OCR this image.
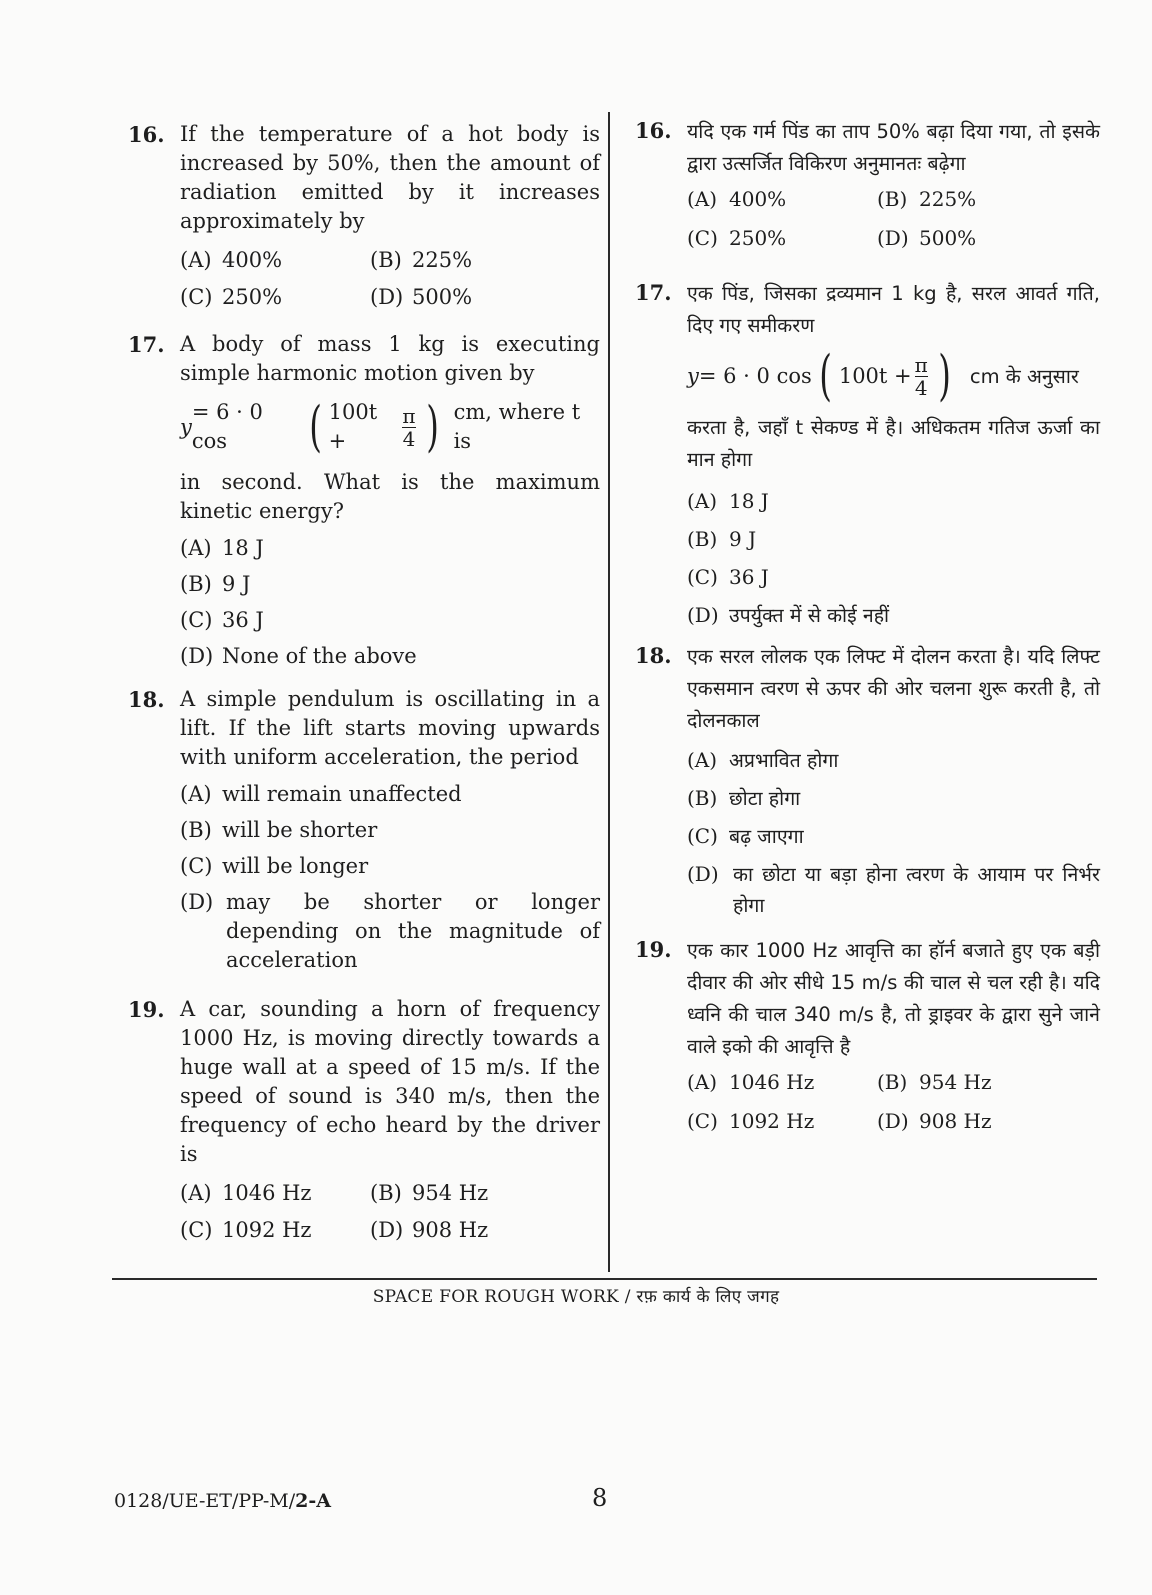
16. If the temperature of a hot body is increased by 50%, then the amount of radiation emitted by it increases approximately by
(A) 400%	(B) 225%
(C) 250%	(D) 500%
17. A body of mass 1 kg is executing simple harmonic motion given by
y
= 6 · 0 cos	( 100t +	$\frac{\pi}{4}$ ) cm, where t is
in second. What is the maximum kinetic energy?
(A) 18 J
(B) 9 J
(C) 36 J
(D) None of the above
18. A simple pendulum is oscillating in a lift. If the lift starts moving upwards with uniform acceleration, the period
(A) will remain unaffected
(B) will be shorter
(C) will be longer
(D) may be shorter or longer depending on the magnitude of acceleration
19. A car, sounding a horn of frequency 1000 Hz, is moving directly towards a huge wall at a speed of 15 m/s. If the speed of sound is 340 m/s, then the frequency of echo heard by the driver is
(A) 1046 Hz	(B) 954 Hz
(C) 1092 Hz	(D) 908 Hz
16. यदि एक गर्म पिंड का ताप 50% बढ़ा दिया गया, तो इसके द्वारा उत्सर्जित विकिरण अनुमानतः बढ़ेगा
(A) 400%	(B) 225%
(C) 250%	(D) 500%
17. एक पिंड, जिसका द्रव्यमान 1 kg है, सरल आवर्त गति, दिए गए समीकरण
y = 6 · 0 cos ( $100t + \frac{\pi}{4}$ ) cm के अनुसार
करता है, जहाँ t सेकण्ड में है। अधिकतम गतिज ऊर्जा का मान होगा
(A) 18 J
(B) 9 J
(C) 36 J
(D) उपर्युक्त में से कोई नहीं
18. एक सरल लोलक एक लिफ्ट में दोलन करता है। यदि लिफ्ट एकसमान त्वरण से ऊपर की ओर चलना शुरू करती है, तो दोलनकाल
(A) अप्रभावित होगा
(B) छोटा होगा
(C) बढ़ जाएगा
(D) का छोटा या बड़ा होना त्वरण के आयाम पर निर्भर होगा
19. एक कार 1000 Hz आवृत्ति का हॉर्न बजाते हुए एक बड़ी दीवार की ओर सीधे 15 m/s की चाल से चल रही है। यदि ध्वनि की चाल 340 m/s है, तो ड्राइवर के द्वारा सुने जाने वाले इको की आवृत्ति है
(A) 1046 Hz	(B) 954 Hz
(C) 1092 Hz	(D) 908 Hz
SPACE FOR ROUGH WORK / रफ़ कार्य के लिए जगह
0128/UE-ET/PP-M/2-A	8
